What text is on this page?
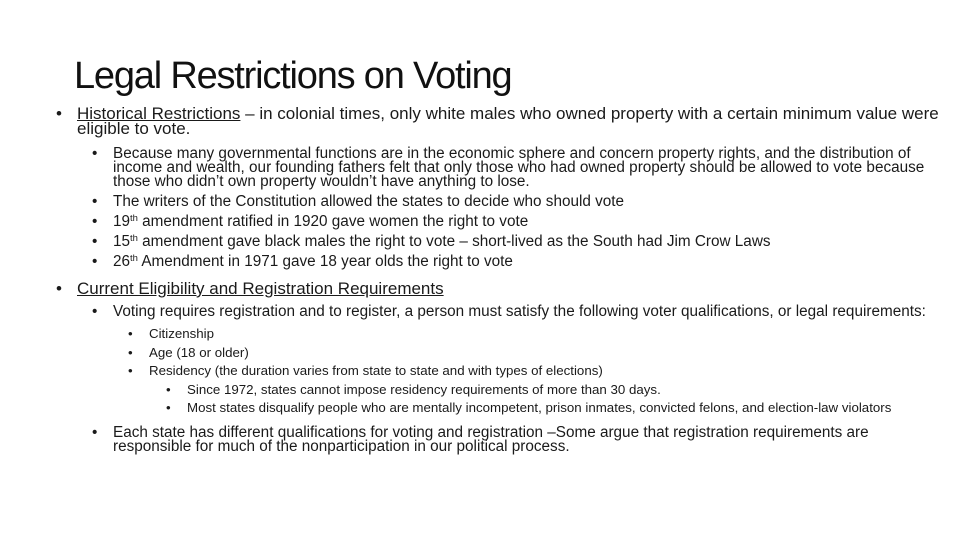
Legal Restrictions on Voting
• Historical Restrictions – in colonial times, only white males who owned property with a certain minimum value were eligible to vote.
• Because many governmental functions are in the economic sphere and concern property rights, and the distribution of income and wealth, our founding fathers felt that only those who had owned property should be allowed to vote because those who didn’t own property wouldn’t have anything to lose.
• The writers of the Constitution allowed the states to decide who should vote
• 19th amendment ratified in 1920 gave women the right to vote
• 15th amendment gave black males the right to vote – short-lived as the South had Jim Crow Laws
• 26th Amendment in 1971 gave 18 year olds the right to vote
• Current Eligibility and Registration Requirements
• Voting requires registration and to register, a person must satisfy the following voter qualifications, or legal requirements:
• Citizenship
• Age (18 or older)
• Residency (the duration varies from state to state and with types of elections)
• Since 1972, states cannot impose residency requirements of more than 30 days.
• Most states disqualify people who are mentally incompetent, prison inmates, convicted felons, and election-law violators
• Each state has different qualifications for voting and registration –Some argue that registration requirements are responsible for much of the nonparticipation in our political process.
